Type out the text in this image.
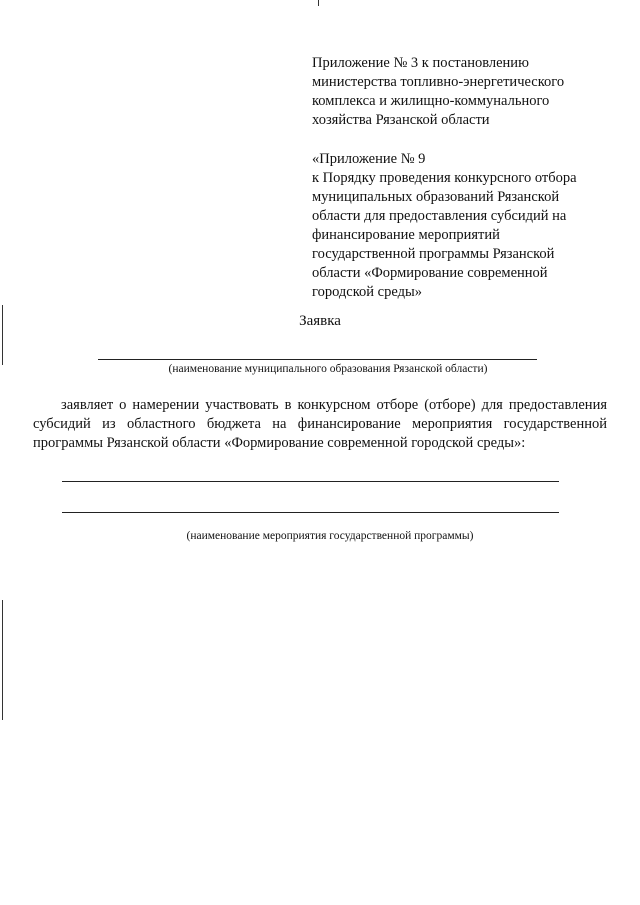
Приложение № 3 к постановлению
министерства топливно-энергетического
комплекса и жилищно-коммунального
хозяйства Рязанской области

«Приложение № 9
к Порядку проведения конкурсного отбора
муниципальных образований Рязанской
области для предоставления субсидий на
финансирование мероприятий
государственной программы Рязанской
области «Формирование современной
городской среды»

Заявка
(наименование муниципального образования Рязанской области)
заявляет о намерении участвовать в конкурсном отборе (отборе) для предоставления субсидий из областного бюджета на финансирование мероприятия государственной программы Рязанской области «Формирование современной городской среды»:
(наименование мероприятия государственной программы)
